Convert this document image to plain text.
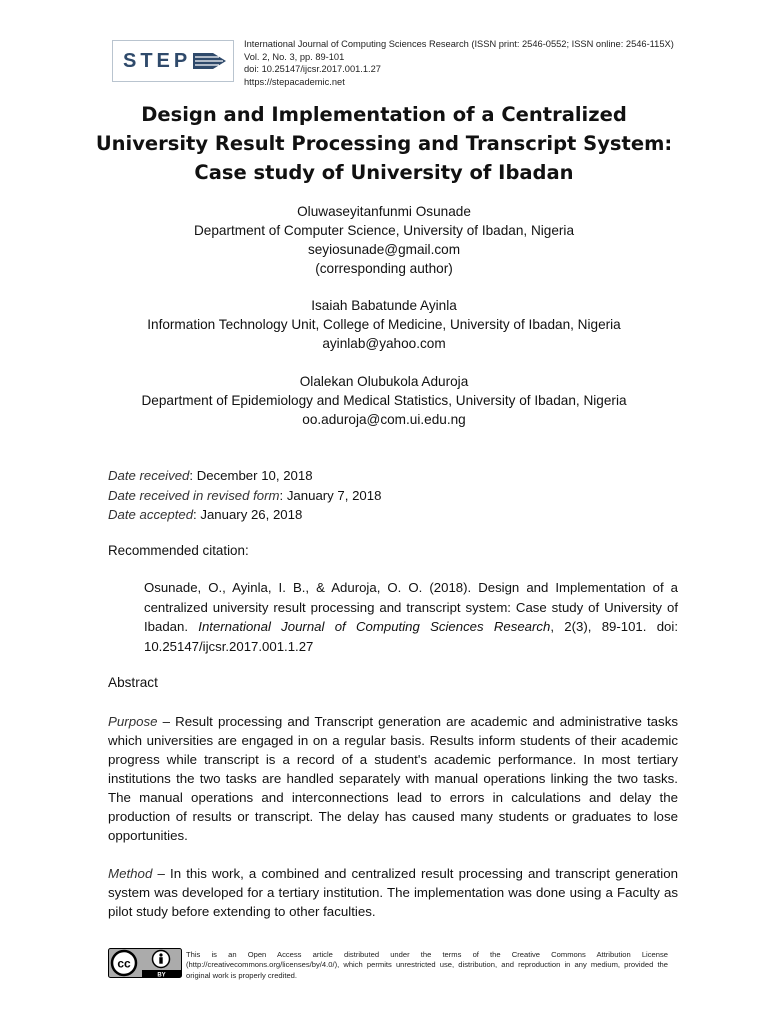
STEP
International Journal of Computing Sciences Research (ISSN print: 2546-0552; ISSN online: 2546-115X)
Vol. 2, No. 3, pp. 89-101
doi: 10.25147/ijcsr.2017.001.1.27
https://stepacademic.net
Design and Implementation of a Centralized University Result Processing and Transcript System: Case study of University of Ibadan
Oluwaseyitanfunmi Osunade
Department of Computer Science, University of Ibadan, Nigeria
seyiosunade@gmail.com
(corresponding author)
Isaiah Babatunde Ayinla
Information Technology Unit, College of Medicine, University of Ibadan, Nigeria
ayinlab@yahoo.com
Olalekan Olubukola Aduroja
Department of Epidemiology and Medical Statistics, University of Ibadan, Nigeria
oo.aduroja@com.ui.edu.ng
Date received: December 10, 2018
Date received in revised form: January 7, 2018
Date accepted: January 26, 2018
Recommended citation:
Osunade, O., Ayinla, I. B., & Aduroja, O. O. (2018). Design and Implementation of a centralized university result processing and transcript system: Case study of University of Ibadan. International Journal of Computing Sciences Research, 2(3), 89-101. doi: 10.25147/ijcsr.2017.001.1.27
Abstract
Purpose – Result processing and Transcript generation are academic and administrative tasks which universities are engaged in on a regular basis. Results inform students of their academic progress while transcript is a record of a student's academic performance. In most tertiary institutions the two tasks are handled separately with manual operations linking the two tasks. The manual operations and interconnections lead to errors in calculations and delay the production of results or transcript. The delay has caused many students or graduates to lose opportunities.
Method – In this work, a combined and centralized result processing and transcript generation system was developed for a tertiary institution. The implementation was done using a Faculty as pilot study before extending to other faculties.
cc
BY
This is an Open Access article distributed under the terms of the Creative Commons Attribution License (http://creativecommons.org/licenses/by/4.0/), which permits unrestricted use, distribution, and reproduction in any medium, provided the original work is properly credited.
